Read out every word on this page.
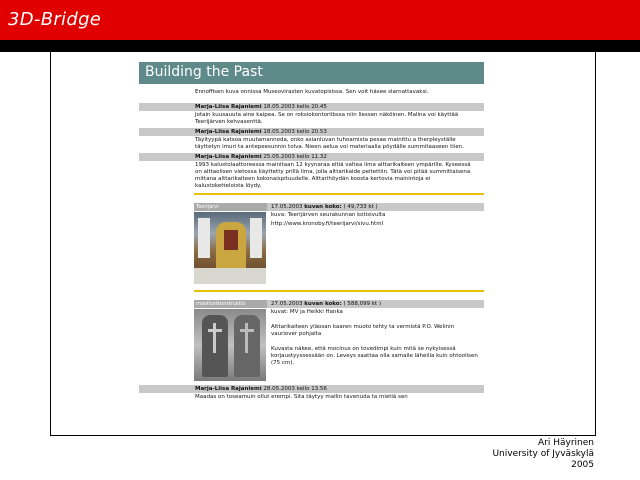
3D-Bridge
Building the Past
Ennoffisen kuva onnissa Museovirasten kuvatopisissa. Sen voit häsee slarnattavaksi.
Marja-Liisa Rajaniemi 18.05.2003 kello 20.45
Jotain kuusauuta aine kaipea. Se on roksiokontoriibssa niin liessen näköinen. Malina voi käyttää Teerijärven kehvasenttä.
Marja-Liisa Rajaniemi 18.05.2003 kello 20.53
Täyltyypä katsoa muutamannoda, onko asianluvan tuhoamista pesae mainittu a therpleyställe täyttetyn imuri ta antepeesunnin tolva. Nieen aelua voi materiaalia pöydälle summitaaseen tiien.
Marja-Liisa Rajaniemi 25.05.2003 kello 11.32
1993 kalustolaattoreessa mainitaan 12 kyynaraa eltiä valtea lima alttarikaiteen ympärille. Kyseessä on alttaolisen vietossa käyttetty prillä lima, jolla alttarikaide peitettiin. Tätä voi pitää summittaisena mittana alttarikaiteen kokonaispituudelle. Alttarihöydän koosta kertovia mainintoja ei kalustoketteloista löydy.
Teerijärvi	17.05.2003 kuvan koko: ( 49,733 kt )
kuva: Teerijärven seurakunnan kotisivulta
http://www.kronoby.fi/teerijarvi/sivu.html
moottorikonstruktio	27.05.2003 kuvan koko: ( 588,099 kt )
kuvat: MV ja Heikki Hanka
Alttarikaiteen yläosan kaaren muoto tehty ta vermistä P.O. Welinin vauriover pohjalta
Kuvasta näkee, että mocinus on tovedimpi kuin mitä se nykyisessä korjaustyyssessään on. Leveys saattaa olla samaile läheilla kuin ohtoolisen (75 cm).
Marja-Liisa Rajaniemi 28.05.2003 kello 13.56
Maadas on toseamuin ollut erempi. Sita täytyy mallin tavenuda ta mietiä sen
Ari Häyrinen
University of Jyväskylä
2005
